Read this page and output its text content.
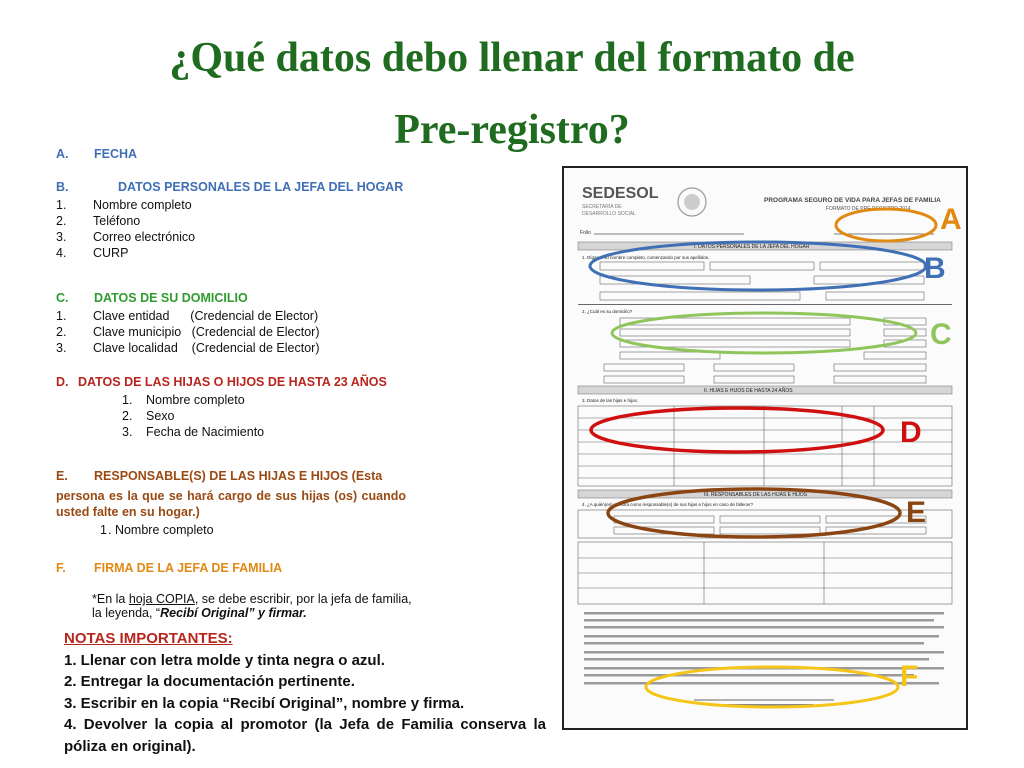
¿Qué datos debo llenar del formato de
Pre-registro?
A. FECHA
B.	DATOS PERSONALES DE LA JEFA DEL HOGAR
1.	Nombre completo
2.	Teléfono
3.	Correo electrónico
4.	CURP
C. DATOS DE SU DOMICILIO
1.	Clave entidad      (Credencial de Elector)
2.	Clave municipio   (Credencial de Elector)
3.	Clave localidad    (Credencial de Elector)
D. DATOS DE LAS HIJAS O HIJOS DE HASTA 23 AÑOS
1.	Nombre completo
2.	Sexo
3.	Fecha de Nacimiento
E. RESPONSABLE(S) DE LAS HIJAS E HIJOS (Esta
persona es la que se hará cargo de sus hijas (os) cuando usted falte en su hogar.)
1 . Nombre completo
F. FIRMA DE LA JEFA DE FAMILIA
*En la hoja COPIA, se debe escribir, por la jefa de familia, la leyenda, “Recibí Original” y firmar.

NOTAS IMPORTANTES:

1. Llenar con letra molde y tinta negra o azul.

2. Entregar la documentación pertinente.

3. Escribir en la copia “Recibí Original”, nombre y firma.

4. Devolver la copia al promotor (la Jefa de Familia conserva la póliza en original).

SEDESOL
SECRETARÍA DE
DESARROLLO SOCIAL
PROGRAMA SEGURO DE VIDA PARA JEFAS DE FAMILIA
FORMATO DE PRE REGISTRO 2014
Folio
I. DATOS PERSONALES DE LA JEFA DEL HOGAR
1. Dígame su nombre completo, comenzando por sus apellidos.
2. ¿Cuál es su domicilio?
II. HIJAS E HIJOS DE HASTA 24 AÑOS
3. Datos de las hijas e hijos.
III. RESPONSABLES DE LAS HIJAS E HIJOS
4. ¿A quién(es) nombra como responsable(s) de sus hijas e hijos en caso de fallecer?
A
B
C
D
E
F
